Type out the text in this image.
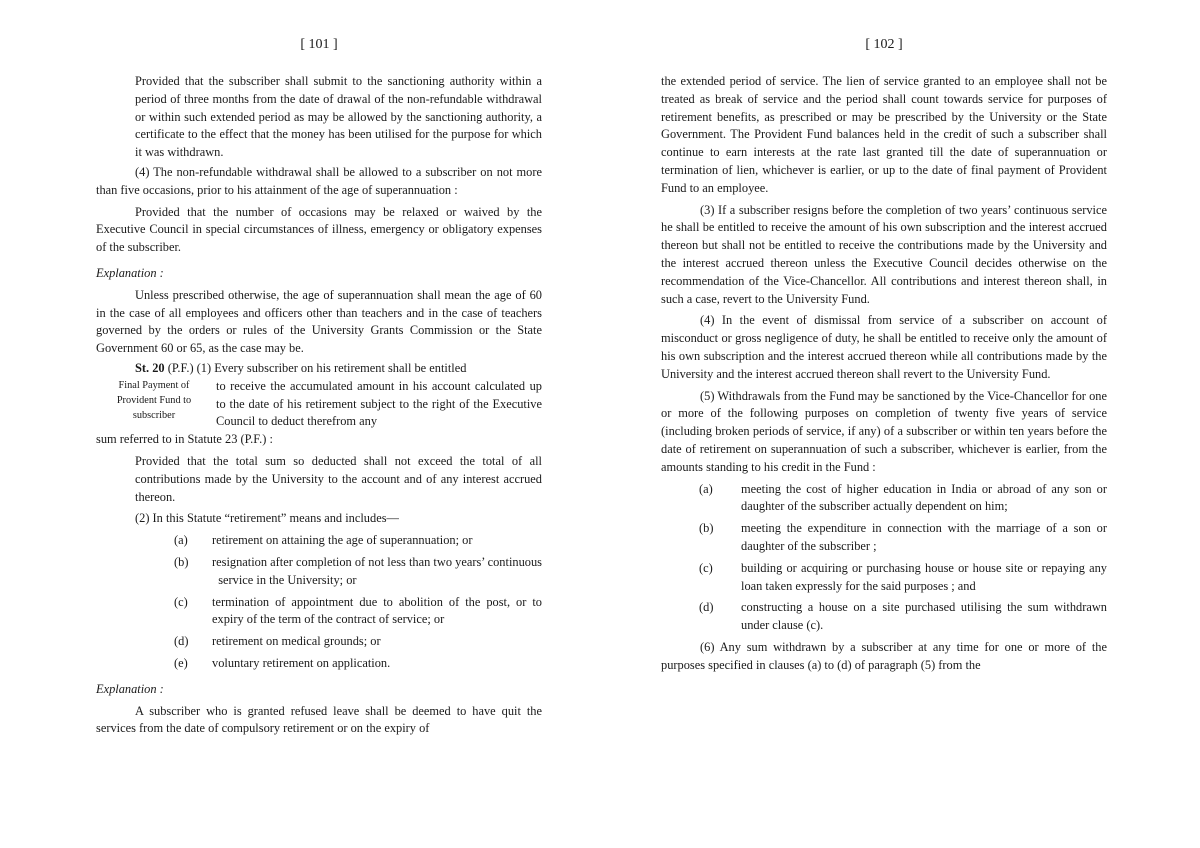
[ 101 ]

Provided that the subscriber shall submit to the sanctioning authority within a period of three months from the date of drawal of the non-refundable withdrawal or within such extended period as may be allowed by the sanctioning authority, a certificate to the effect that the money has been utilised for the purpose for which it was withdrawn.

(4) The non-refundable withdrawal shall be allowed to a subscriber on not more than five occasions, prior to his attainment of the age of superannuation :

Provided that the number of occasions may be relaxed or waived by the Executive Council in special circumstances of illness, emergency or obligatory expenses of the subscriber.

Explanation :

Unless prescribed otherwise, the age of superannuation shall mean the age of 60 in the case of all employees and officers other than teachers and in the case of teachers governed by the orders or rules of the University Grants Commission or the State Government 60 or 65, as the case may be.

Final Payment of Provident Fund to subscriber

St. 20 (P.F.) (1) Every subscriber on his retirement shall be entitled

to receive the accumulated amount in his account calculated up to the date of his retirement subject to the right of the Executive Council to deduct therefrom any

sum referred to in Statute 23 (P.F.) :

Provided that the total sum so deducted shall not exceed the total of all contributions made by the University to the account and of any interest accrued thereon.

(2) In this Statute “retirement” means and includes—

(a)	retirement on attaining the age of superannuation; or
(b)	resignation after completion of not less than two years’ continuous   service in the University; or
(c)	termination of appointment due to abolition of the post, or to expiry of the term of the contract of service; or
(d)	retirement on medical grounds; or
(e)	voluntary retirement on application.
Explanation :

A subscriber who is granted refused leave shall be deemed to have quit the services from the date of compulsory retirement or on the expiry of

[ 102 ]

the extended period of service. The lien of service granted to an employee shall not be treated as break of service and the period shall count towards service for purposes of retirement benefits, as prescribed or may be prescribed by the University or the State Government. The Provident Fund balances held in the credit of such a subscriber shall continue to earn interests at the rate last granted till the date of superannuation or termination of lien, whichever is earlier, or up to the date of final payment of Provident Fund to an employee.

(3) If a subscriber resigns before the completion of two years’ continuous service he shall be entitled to receive the amount of his own subscription and the interest accrued thereon but shall not be entitled to receive the contributions made by the University and the interest accrued thereon unless the Executive Council decides otherwise on the recommendation of the Vice-Chancellor. All contributions and interest thereon shall, in such a case, revert to the University Fund.

(4) In the event of dismissal from service of a subscriber on account of misconduct or gross negligence of duty, he shall be entitled to receive only the amount of his own subscription and the interest accrued thereon while all contributions made by the University and the interest accrued thereon shall revert to the University Fund.

(5) Withdrawals from the Fund may be sanctioned by the Vice-Chancellor for one or more of the following purposes on completion of twenty five years of service (including broken periods of service, if any) of a subscriber or within ten years before the date of retirement on superannuation of such a subscriber, whichever is earlier, from the amounts standing to his credit in the Fund :

(a)	meeting the cost of higher education in India or abroad of any son or daughter of the subscriber actually dependent on him;
(b)	meeting the expenditure in connection with the marriage of a son or daughter of the subscriber ;
(c)	building or acquiring or purchasing house or house site or repaying any loan taken expressly for the said purposes ; and
(d)	constructing a house on a site purchased utilising the sum withdrawn under clause (c).

(6) Any sum withdrawn by a subscriber at any time for one or more of the purposes specified in clauses (a) to (d) of paragraph (5) from the
